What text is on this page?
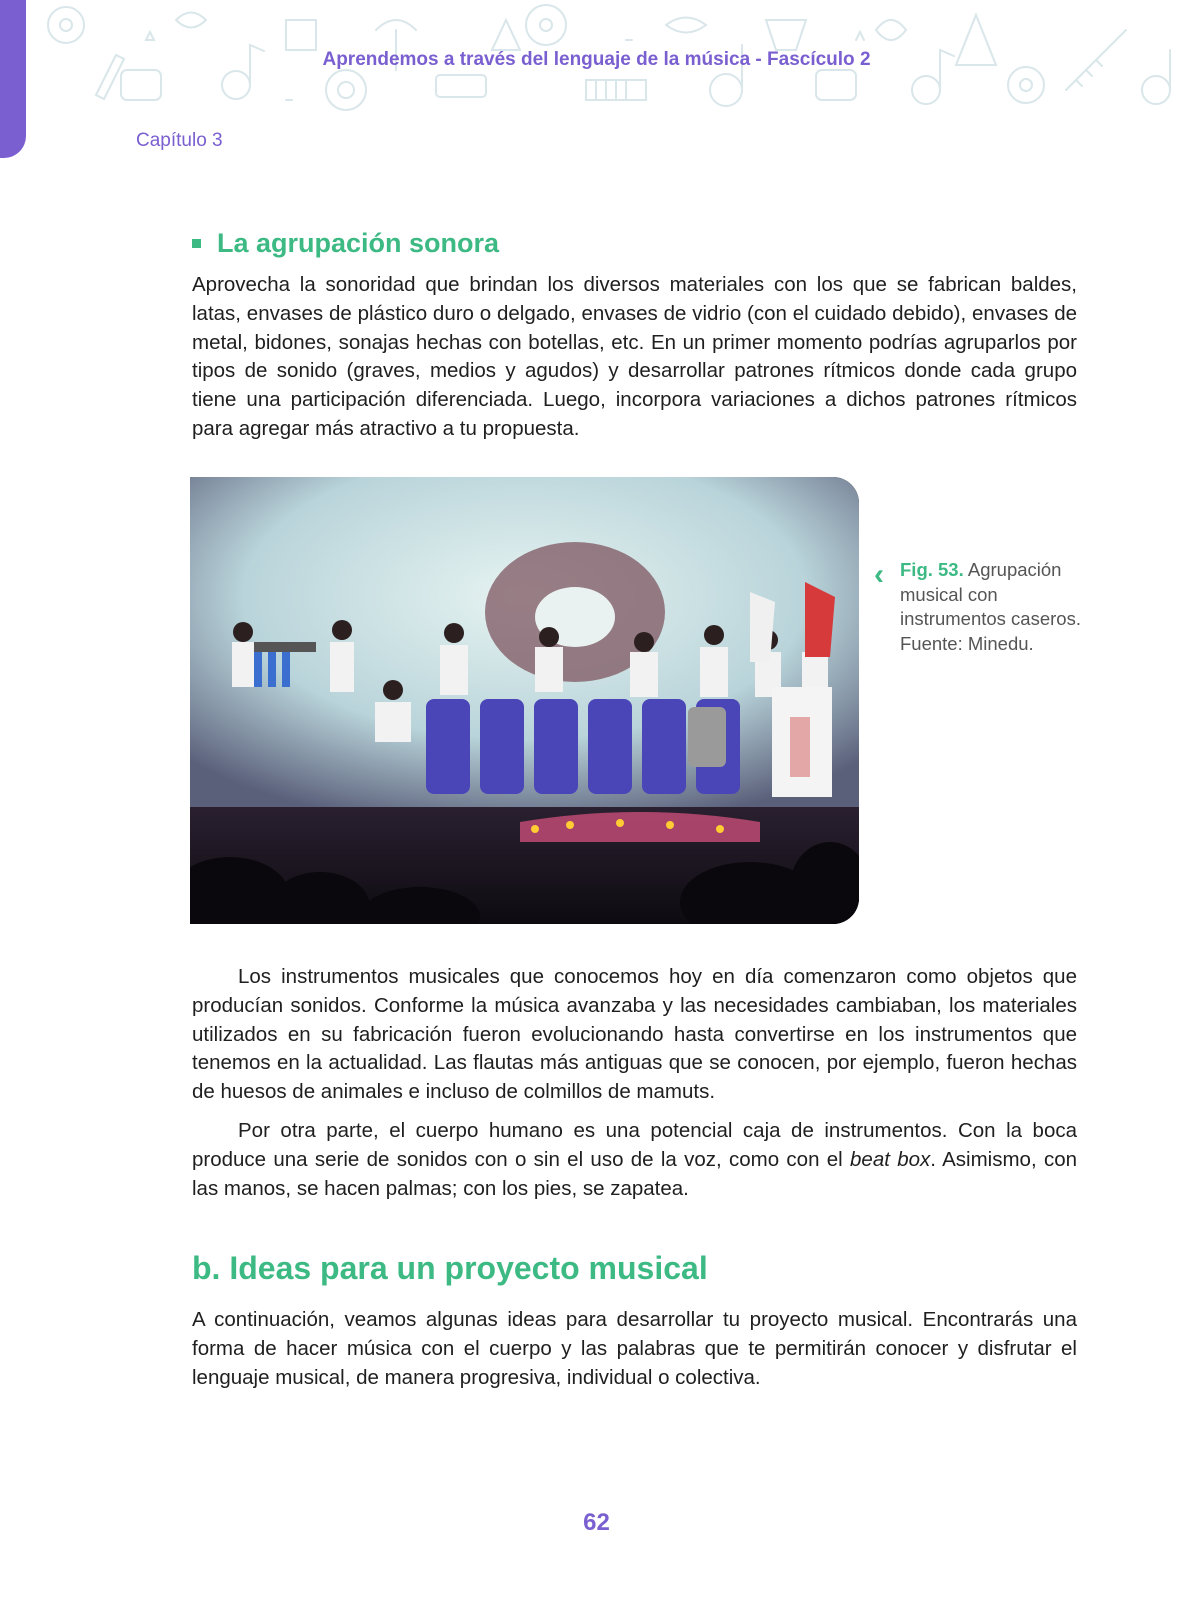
Aprendemos a través del lenguaje de la música - Fascículo 2
Capítulo 3
La agrupación sonora

Aprovecha la sonoridad que brindan los diversos materiales con los que se fabrican baldes, latas, envases de plástico duro o delgado, envases de vidrio (con el cuidado debido), envases de metal, bidones, sonajas hechas con botellas, etc. En un primer momento podrías agruparlos por tipos de sonido (graves, medios y agudos) y desarrollar patrones rítmicos donde cada grupo tiene una participación diferenciada. Luego, incorpora variaciones a dichos patrones rítmicos para agregar más atractivo a tu propuesta.

‹ Fig. 53. Agrupación musical con instrumentos caseros.
Fuente: Minedu.

Los instrumentos musicales que conocemos hoy en día comenzaron como objetos que producían sonidos. Conforme la música avanzaba y las necesidades cambiaban, los materiales utilizados en su fabricación fueron evolucionando hasta convertirse en los instrumentos que tenemos en la actualidad. Las flautas más antiguas que se conocen, por ejemplo, fueron hechas de huesos de animales e incluso de colmillos de mamuts.

Por otra parte, el cuerpo humano es una potencial caja de instrumentos. Con la boca produce una serie de sonidos con o sin el uso de la voz, como con el beat box. Asimismo, con las manos, se hacen palmas; con los pies, se zapatea.

b. Ideas para un proyecto musical

A continuación, veamos algunas ideas para desarrollar tu proyecto musical. Encontrarás una forma de hacer música con el cuerpo y las palabras que te permitirán conocer y disfrutar el lenguaje musical, de manera progresiva, individual o colectiva.

62
